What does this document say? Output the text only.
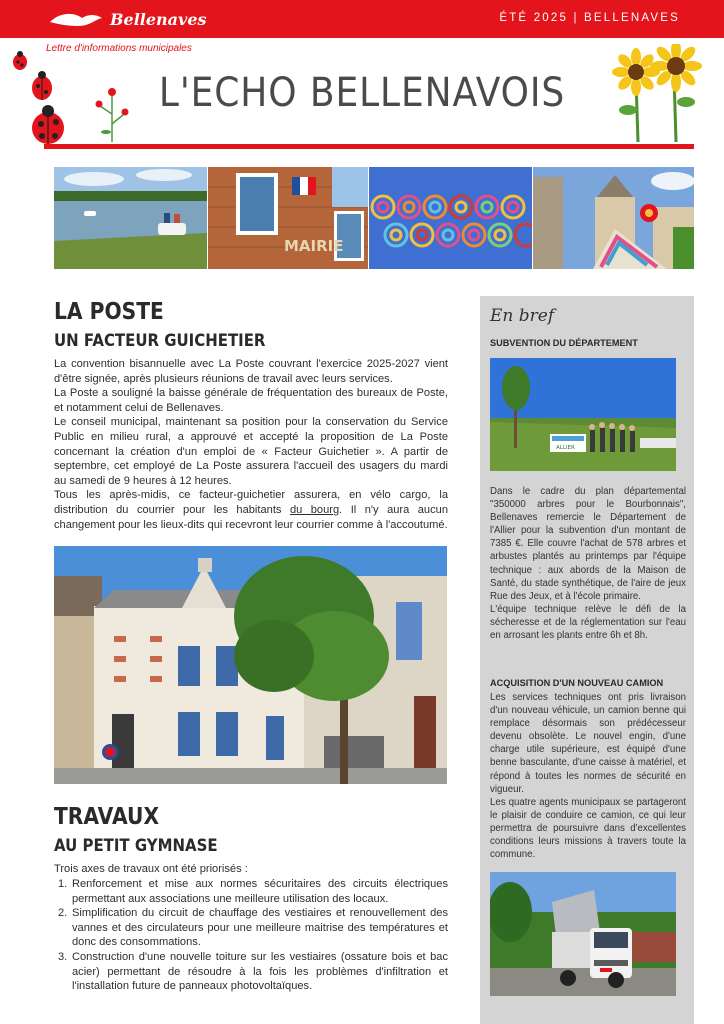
Bellenaves	ÉTÉ 2025 | BELLENAVES
Lettre d'informations municipales
L'ECHO BELLENAVOIS
MAIRIE
LA POSTE
UN FACTEUR GUICHETIER

La convention bisannuelle avec La Poste couvrant l'exercice 2025-2027 vient d'être signée, après plusieurs réunions de travail avec leurs services.

La Poste a souligné la baisse générale de fréquentation des bureaux de Poste, et notamment celui de Bellenaves.

Le conseil municipal, maintenant sa position pour la conservation du Service Public en milieu rural, a approuvé et accepté la proposition de La Poste concernant la création d'un emploi de « Facteur Guichetier ». A partir de septembre, cet employé de La Poste assurera l'accueil des usagers du mardi au samedi de 9 heures à 12 heures.

Tous les après-midis, ce facteur-guichetier assurera, en vélo cargo, la distribution du courrier pour les habitants du bourg. Il n'y aura aucun changement pour les lieux-dits qui recevront leur courrier comme à l'accoutumé.

TRAVAUX
AU PETIT GYMNASE
Trois axes de travaux ont été priorisés :
1. Renforcement et mise aux normes sécuritaires des circuits électriques permettant aux associations une meilleure utilisation des locaux.
2. Simplification du circuit de chauffage des vestiaires et renouvellement des vannes et des circulateurs pour une meilleure maitrise des températures et donc des consommations.
3. Construction d'une nouvelle toiture sur les vestiaires (ossature bois et bac acier) permettant de résoudre à la fois les problèmes d'infiltration et l'installation future de panneaux photovoltaïques.
En bref
SUBVENTION DU DÉPARTEMENT
ALLIER

Dans le cadre du plan départemental "350000 arbres pour le Bourbonnais", Bellenaves remercie le Département de l'Allier pour la subvention d'un montant de 7385 €. Elle couvre l'achat de 578 arbres et arbustes plantés au printemps par l'équipe technique : aux abords de la Maison de Santé, du stade synthétique, de l'aire de jeux Rue des Jeux, et à l'école primaire.

L'équipe technique relève le défi de la sécheresse et de la réglementation sur l'eau en arrosant les plants entre 6h et 8h.

ACQUISITION D'UN NOUVEAU CAMION

Les services techniques ont pris livraison d'un nouveau véhicule, un camion benne qui remplace désormais son prédécesseur devenu obsolète. Le nouvel engin, d'une charge utile supérieure, est équipé d'une benne basculante, d'une caisse à matériel, et répond à toutes les normes de sécurité en vigueur.

Les quatre agents municipaux se partageront le plaisir de conduire ce camion, ce qui leur permettra de poursuivre dans d'excellentes conditions leurs missions à travers toute la commune.
